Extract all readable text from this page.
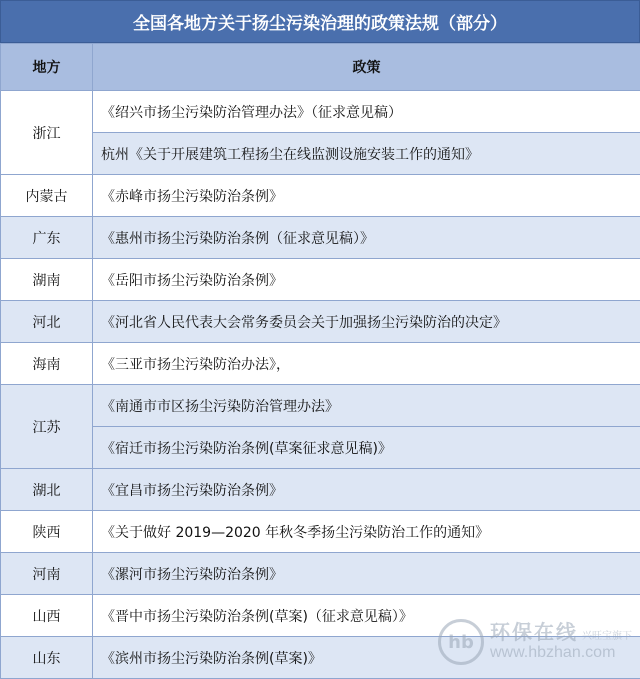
全国各地方关于扬尘污染治理的政策法规（部分）
地方	政策
浙江	《绍兴市扬尘污染防治管理办法》（征求意见稿）
	杭州《关于开展建筑工程扬尘在线监测设施安装工作的通知》
内蒙古	《赤峰市扬尘污染防治条例》
广东	《惠州市扬尘污染防治条例（征求意见稿）》
湖南	《岳阳市扬尘污染防治条例》
河北	《河北省人民代表大会常务委员会关于加强扬尘污染防治的决定》
海南	《三亚市扬尘污染防治办法》，
江苏	《南通市市区扬尘污染防治管理办法》
	《宿迁市扬尘污染防治条例(草案征求意见稿)》
湖北	《宜昌市扬尘污染防治条例》
陕西	《关于做好 2019—2020 年秋冬季扬尘污染防治工作的通知》
河南	《漯河市扬尘污染防治条例》
山西	《晋中市扬尘污染防治条例(草案)（征求意见稿）》
山东	《滨州市扬尘污染防治条例(草案)》
hb 环保在线 兴旺宝旗下
www.hbzhan.com
